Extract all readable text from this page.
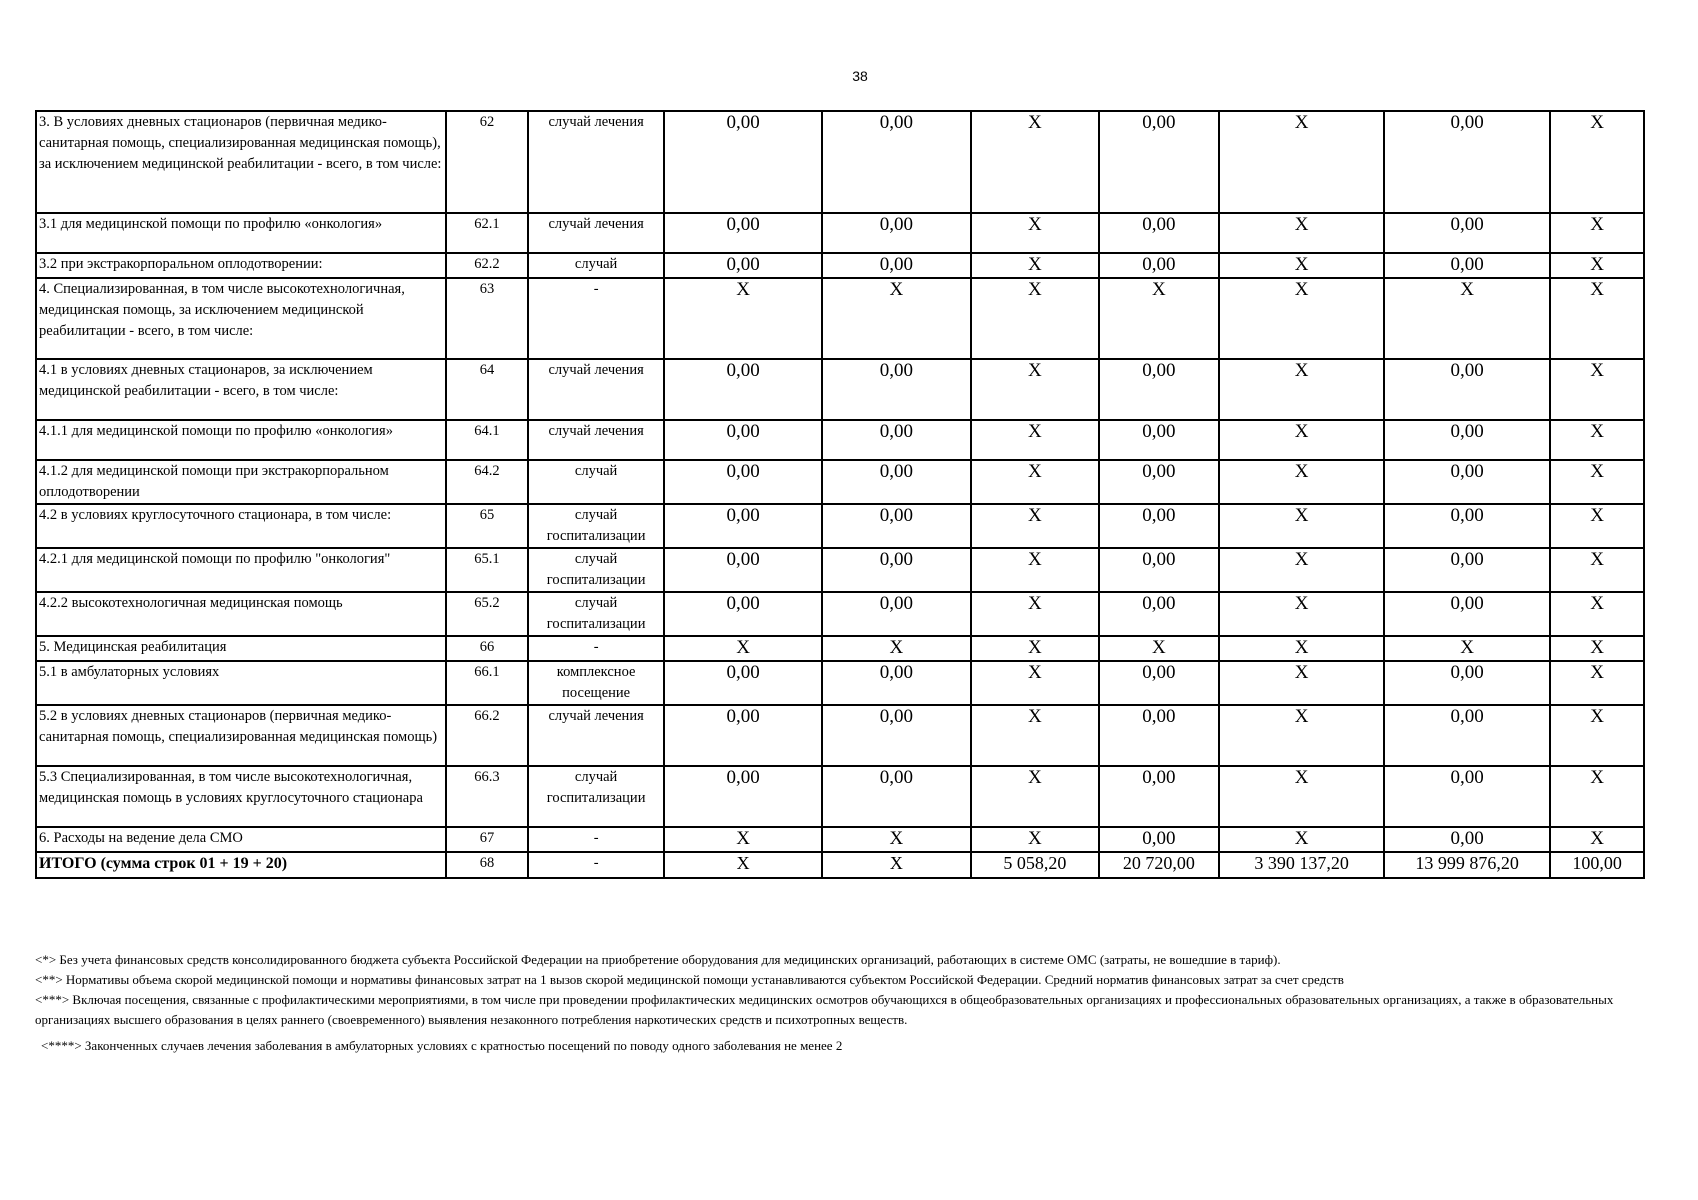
38
3. В условиях дневных стационаров (первичная медико-санитарная помощь, специализированная медицинская помощь), за исключением медицинской реабилитации - всего, в том числе:	62	случай лечения	0,00	0,00	X	0,00	X	0,00	X
3.1 для медицинской помощи по профилю «онкология»	62.1	случай лечения	0,00	0,00	X	0,00	X	0,00	X
3.2 при экстракорпоральном оплодотворении:	62.2	случай	0,00	0,00	X	0,00	X	0,00	X
4. Специализированная, в том числе высокотехнологичная, медицинская помощь, за исключением медицинской реабилитации - всего, в том числе:	63	-	X	X	X	X	X	X	X
4.1 в условиях дневных стационаров, за исключением медицинской реабилитации - всего, в том числе:	64	случай лечения	0,00	0,00	X	0,00	X	0,00	X
4.1.1 для медицинской помощи по профилю «онкология»	64.1	случай лечения	0,00	0,00	X	0,00	X	0,00	X
4.1.2 для медицинской помощи при экстракорпоральном оплодотворении	64.2	случай	0,00	0,00	X	0,00	X	0,00	X
4.2 в условиях круглосуточного стационара, в том числе:	65	случай госпитализации	0,00	0,00	X	0,00	X	0,00	X
4.2.1 для медицинской помощи по профилю "онкология"	65.1	случай госпитализации	0,00	0,00	X	0,00	X	0,00	X
4.2.2 высокотехнологичная медицинская помощь	65.2	случай госпитализации	0,00	0,00	X	0,00	X	0,00	X
5. Медицинская реабилитация	66	-	X	X	X	X	X	X	X
5.1 в амбулаторных условиях	66.1	комплексное посещение	0,00	0,00	X	0,00	X	0,00	X
5.2 в условиях дневных стационаров (первичная медико-санитарная помощь, специализированная медицинская помощь)	66.2	случай лечения	0,00	0,00	X	0,00	X	0,00	X
5.3 Специализированная, в том числе высокотехнологичная, медицинская помощь в условиях круглосуточного стационара	66.3	случай госпитализации	0,00	0,00	X	0,00	X	0,00	X
6. Расходы на ведение дела СМО	67	-	X	X	X	0,00	X	0,00	X
ИТОГО (сумма строк 01 + 19 + 20)	68	-	X	X	5 058,20	20 720,00	3 390 137,20	13 999 876,20	100,00

<*> Без учета финансовых средств консолидированного бюджета субъекта Российской Федерации на приобретение оборудования для медицинских организаций, работающих в системе ОМС (затраты, не вошедшие в тариф).

<**> Нормативы объема скорой медицинской помощи и нормативы финансовых затрат на 1 вызов скорой медицинской помощи устанавливаются субъектом Российской Федерации. Средний норматив финансовых затрат за счет средств

<***> Включая посещения, связанные с профилактическими мероприятиями, в том числе при проведении профилактических медицинских осмотров обучающихся в общеобразовательных организациях и профессиональных образовательных организациях, а также в образовательных организациях высшего образования в целях раннего (своевременного) выявления незаконного потребления наркотических средств и психотропных веществ.

<****> Законченных случаев лечения заболевания в амбулаторных условиях с кратностью посещений по поводу одного заболевания не менее 2
